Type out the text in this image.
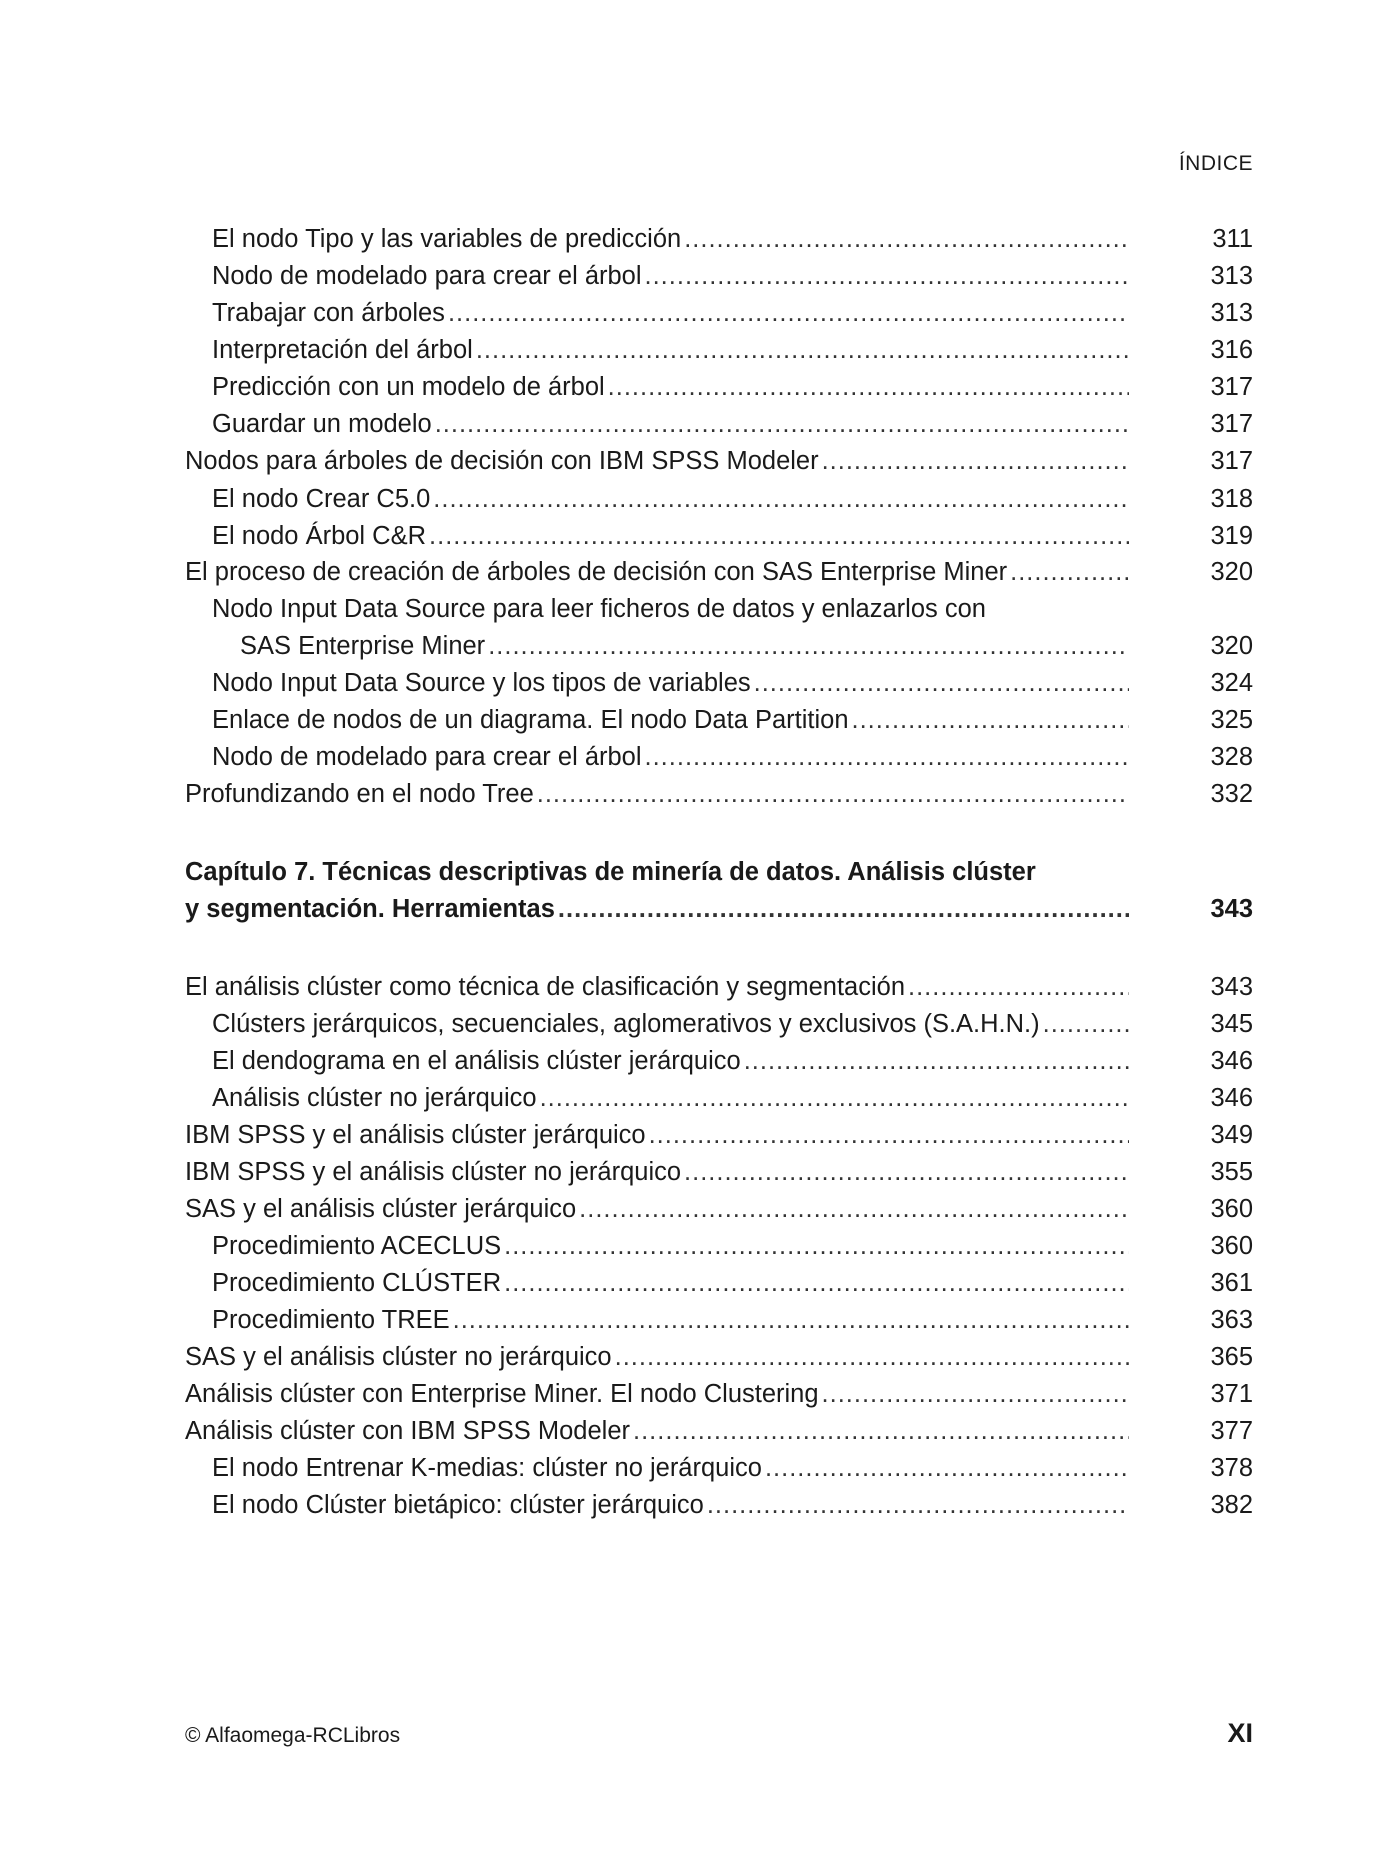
ÍNDICE
El nodo Tipo y las variables de predicción .....	311
Nodo de modelado para crear el árbol .....	313
Trabajar con árboles .....	313
Interpretación del árbol .....	316
Predicción con un modelo de árbol .....	317
Guardar un modelo .....	317
Nodos para árboles de decisión con IBM SPSS Modeler .....	317
El nodo Crear C5.0 .....	318
El nodo Árbol C&R .....	319
El proceso de creación de árboles de decisión con SAS Enterprise Miner .....	320
Nodo Input Data Source para leer ficheros de datos y enlazarlos con
SAS Enterprise Miner .....	320
Nodo Input Data Source y los tipos de variables .....	324
Enlace de nodos de un diagrama. El nodo Data Partition .....	325
Nodo de modelado para crear el árbol .....	328
Profundizando en el nodo Tree .....	332
Capítulo 7. Técnicas descriptivas de minería de datos. Análisis clúster
y segmentación. Herramientas .....	343
El análisis clúster como técnica de clasificación y segmentación .....	343
Clústers jerárquicos, secuenciales, aglomerativos y exclusivos (S.A.H.N.) .....	345
El dendograma en el análisis clúster jerárquico .....	346
Análisis clúster no jerárquico .....	346
IBM SPSS y el análisis clúster jerárquico .....	349
IBM SPSS y el análisis clúster no jerárquico .....	355
SAS y el análisis clúster jerárquico .....	360
Procedimiento ACECLUS .....	360
Procedimiento CLÚSTER .....	361
Procedimiento TREE .....	363
SAS y el análisis clúster no jerárquico .....	365
Análisis clúster con Enterprise Miner. El nodo Clustering .....	371
Análisis clúster con IBM SPSS Modeler .....	377
El nodo Entrenar K-medias: clúster no jerárquico .....	378
El nodo Clúster bietápico: clúster jerárquico .....	382
© Alfaomega-RCLibros	XI
